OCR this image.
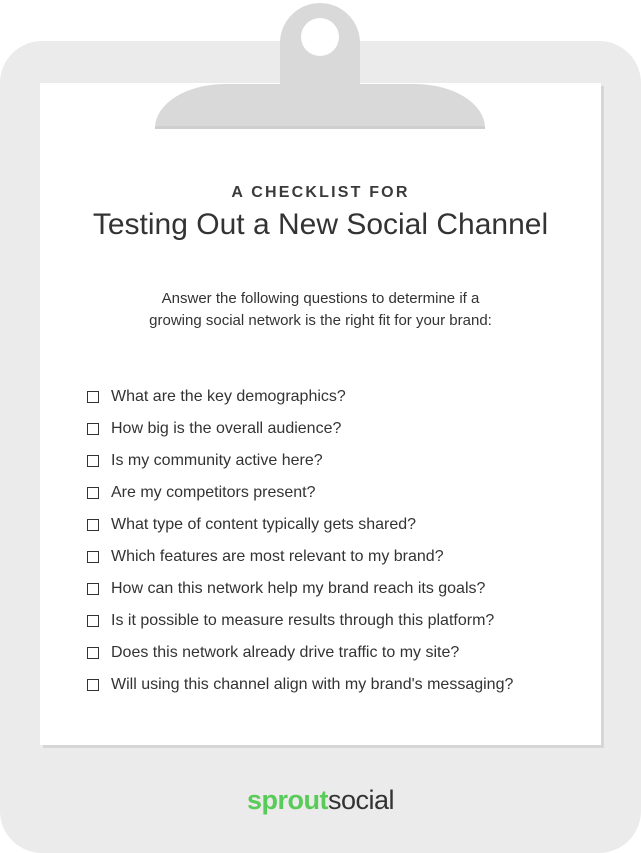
A CHECKLIST FOR
Testing Out a New Social Channel
Answer the following questions to determine if a
growing social network is the right fit for your brand:
What are the key demographics?
How big is the overall audience?
Is my community active here?
Are my competitors present?
What type of content typically gets shared?
Which features are most relevant to my brand?
How can this network help my brand reach its goals?
Is it possible to measure results through this platform?
Does this network already drive traffic to my site?
Will using this channel align with my brand's messaging?
sproutsocial
